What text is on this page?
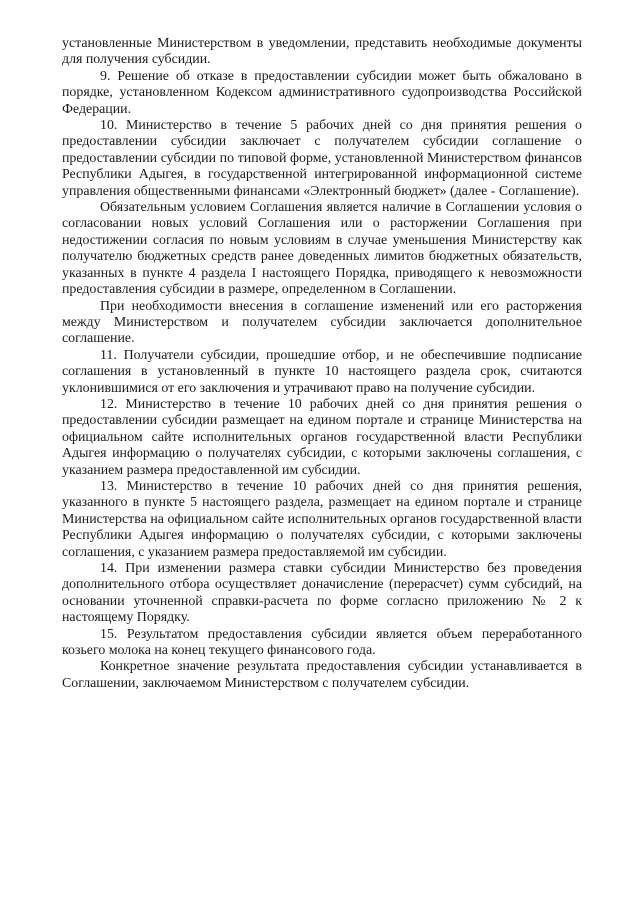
установленные Министерством в уведомлении, представить необходимые документы для получения субсидии.

9. Решение об отказе в предоставлении субсидии может быть обжаловано в порядке, установленном Кодексом административного судопроизводства Российской Федерации.

10. Министерство в течение 5 рабочих дней со дня принятия решения о предоставлении субсидии заключает с получателем субсидии соглашение о предоставлении субсидии по типовой форме, установленной Министерством финансов Республики Адыгея, в государственной интегрированной информационной системе управления общественными финансами «Электронный бюджет» (далее - Соглашение).

Обязательным условием Соглашения является наличие в Соглашении условия о согласовании новых условий Соглашения или о расторжении Соглашения при недостижении согласия по новым условиям в случае уменьшения Министерству как получателю бюджетных средств ранее доведенных лимитов бюджетных обязательств, указанных в пункте 4 раздела I настоящего Порядка, приводящего к невозможности предоставления субсидии в размере, определенном в Соглашении.

При необходимости внесения в соглашение изменений или его расторжения между Министерством и получателем субсидии заключается дополнительное соглашение.

11. Получатели субсидии, прошедшие отбор, и не обеспечившие подписание соглашения в установленный в пункте 10 настоящего раздела срок, считаются уклонившимися от его заключения и утрачивают право на получение субсидии.

12. Министерство в течение 10 рабочих дней со дня принятия решения о предоставлении субсидии размещает на едином портале и странице Министерства на официальном сайте исполнительных органов государственной власти Республики Адыгея информацию о получателях субсидии, с которыми заключены соглашения, с указанием размера предоставленной им субсидии.

13. Министерство в течение 10 рабочих дней со дня принятия решения, указанного в пункте 5 настоящего раздела, размещает на едином портале и странице Министерства на официальном сайте исполнительных органов государственной власти Республики Адыгея информацию о получателях субсидии, с которыми заключены соглашения, с указанием размера предоставляемой им субсидии.

14. При изменении размера ставки субсидии Министерство без проведения дополнительного отбора осуществляет доначисление (перерасчет) сумм субсидий, на основании уточненной справки-расчета по форме согласно приложению № 2 к настоящему Порядку.

15. Результатом предоставления субсидии является объем переработанного козьего молока на конец текущего финансового года.

Конкретное значение результата предоставления субсидии устанавливается в Соглашении, заключаемом Министерством с получателем субсидии.
